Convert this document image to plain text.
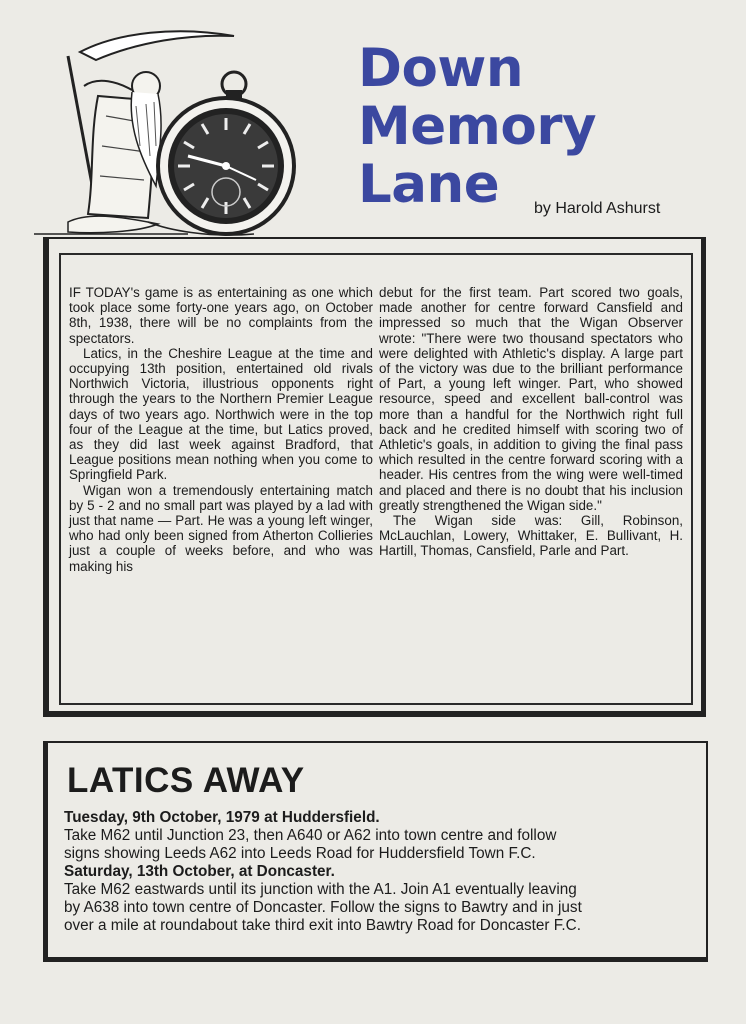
Down
Memory
Lane	by Harold Ashurst

IF TODAY's game is as entertaining as one which took place some forty-one years ago, on October 8th, 1938, there will be no complaints from the spectators.

Latics, in the Cheshire League at the time and occupying 13th position, entertained old rivals Northwich Victoria, illustrious opponents right through the years to the Northern Premier League days of two years ago. Northwich were in the top four of the League at the time, but Latics proved, as they did last week against Bradford, that League positions mean nothing when you come to Springfield Park.

Wigan won a tremendously entertaining match by 5 - 2 and no small part was played by a lad with just that name — Part. He was a young left winger, who had only been signed from Atherton Collieries just a couple of weeks before, and who was making his

debut for the first team. Part scored two goals, made another for centre forward Cansfield and impressed so much that the Wigan Observer wrote: "There were two thousand spectators who were delighted with Athletic's display. A large part of the victory was due to the brilliant performance of Part, a young left winger. Part, who showed resource, speed and excellent ball-control was more than a handful for the Northwich right full back and he credited himself with scoring two of Athletic's goals, in addition to giving the final pass which resulted in the centre forward scoring with a header. His centres from the wing were well-timed and placed and there is no doubt that his inclusion greatly strengthened the Wigan side."

The Wigan side was: Gill, Robinson, McLauchlan, Lowery, Whittaker, E. Bullivant, H. Hartill, Thomas, Cansfield, Parle and Part.

LATICS AWAY
Tuesday, 9th October, 1979 at Huddersfield.
Take M62 until Junction 23, then A640 or A62 into town centre and follow
signs showing Leeds A62 into Leeds Road for Huddersfield Town F.C.
Saturday, 13th October, at Doncaster.
Take M62 eastwards until its junction with the A1. Join A1 eventually leaving
by A638 into town centre of Doncaster. Follow the signs to Bawtry and in just
over a mile at roundabout take third exit into Bawtry Road for Doncaster F.C.
